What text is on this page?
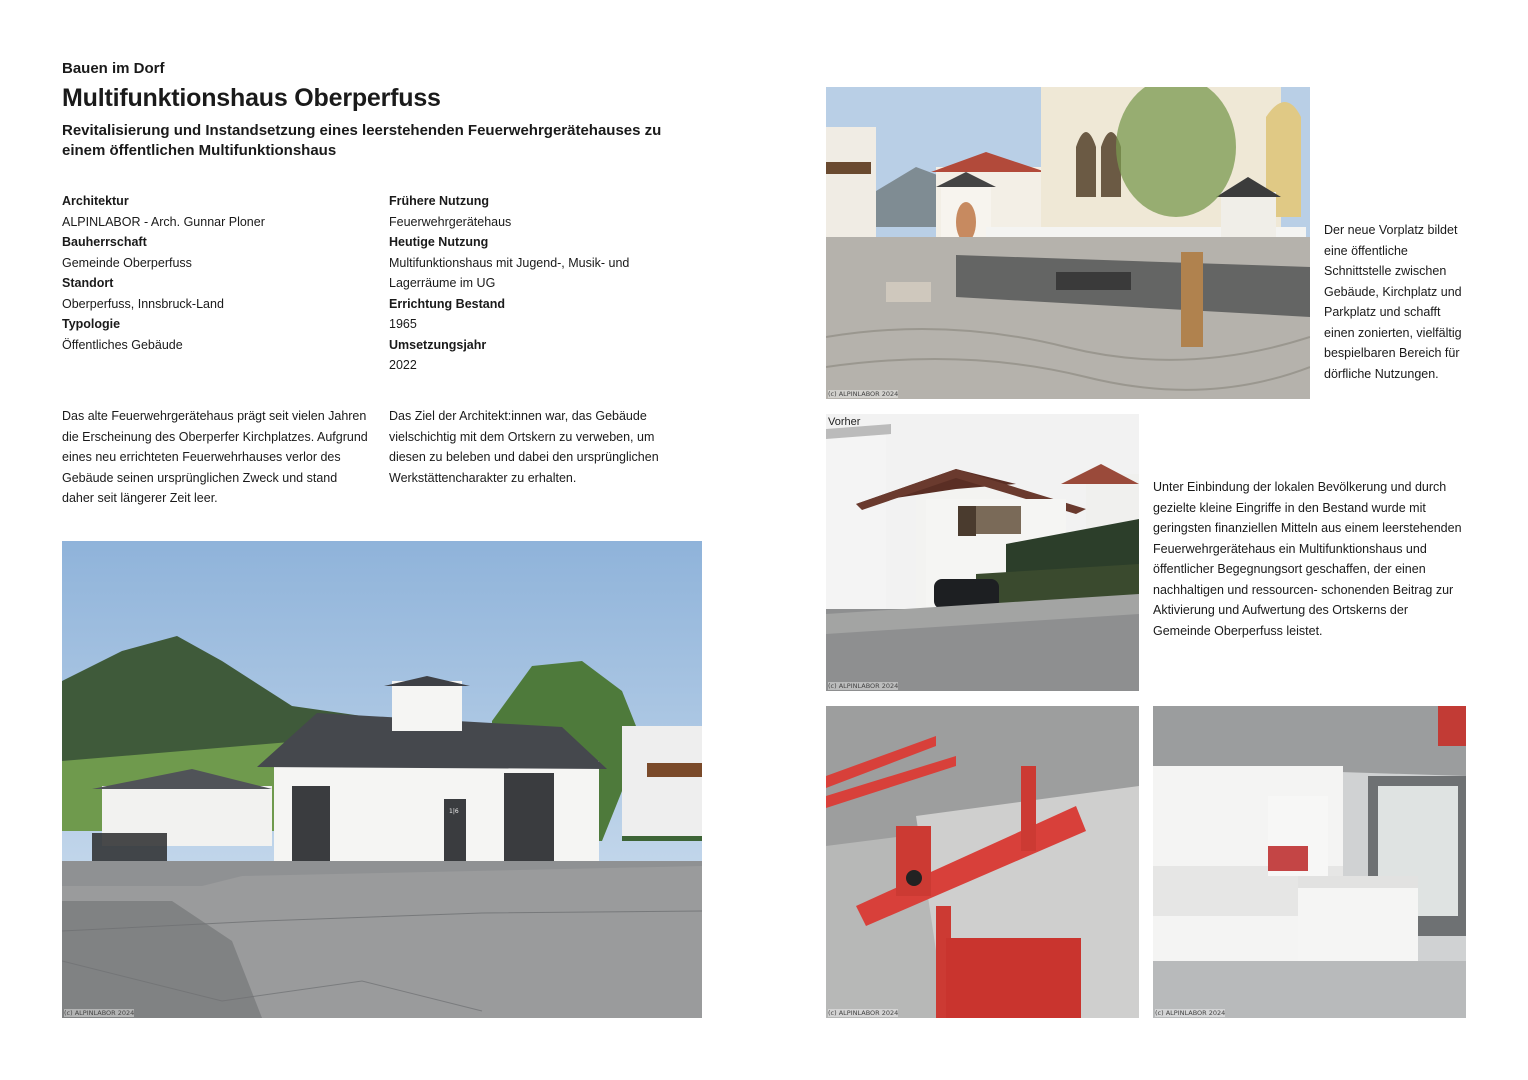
Bauen im Dorf
Multifunktionshaus Oberperfuss
Revitalisierung und Instandsetzung eines leerstehenden Feuerwehrgerätehauses zu einem öffentlichen Multifunktionshaus
Architektur
ALPINLABOR - Arch. Gunnar Ploner
Bauherrschaft
Gemeinde Oberperfuss
Standort
Oberperfuss, Innsbruck-Land
Typologie
Öffentliches Gebäude
Frühere Nutzung
Feuerwehrgerätehaus
Heutige Nutzung
Multifunktionshaus mit Jugend-, Musik- und Lagerräume im UG
Errichtung Bestand
1965
Umsetzungsjahr
2022
Das alte Feuerwehrgerätehaus prägt seit vielen Jahren die Erscheinung des Oberperfer Kirchplatzes. Aufgrund eines neu errichteten Feuerwehrhauses verlor des Gebäude seinen ursprünglichen Zweck und stand daher seit längerer Zeit leer.
Das Ziel der Architekt:innen war, das Gebäude vielschichtig mit dem Ortskern zu verweben, um diesen zu beleben und dabei den ursprünglichen Werkstättencharakter zu erhalten.
1|6
(c) ALPINLABOR 2024
(c) ALPINLABOR 2024
Der neue Vorplatz bildet eine öffentliche Schnittstelle zwischen Gebäude, Kirchplatz und Parkplatz und schafft einen zonierten, vielfältig bespielbaren Bereich für dörfliche Nutzungen.
(c) ALPINLABOR 2024
Vorher
Unter Einbindung der lokalen Bevölkerung und durch gezielte kleine Eingriffe in den Bestand wurde mit geringsten finanziellen Mitteln aus einem leerstehenden Feuerwehrgerätehaus ein Multifunktionshaus und öffentlicher Begegnungsort geschaffen, der einen nachhaltigen und ressourcen- schonenden Beitrag zur Aktivierung und Aufwertung des Ortskerns der Gemeinde Oberperfuss leistet.
(c) ALPINLABOR 2024	(c) ALPINLABOR 2024
